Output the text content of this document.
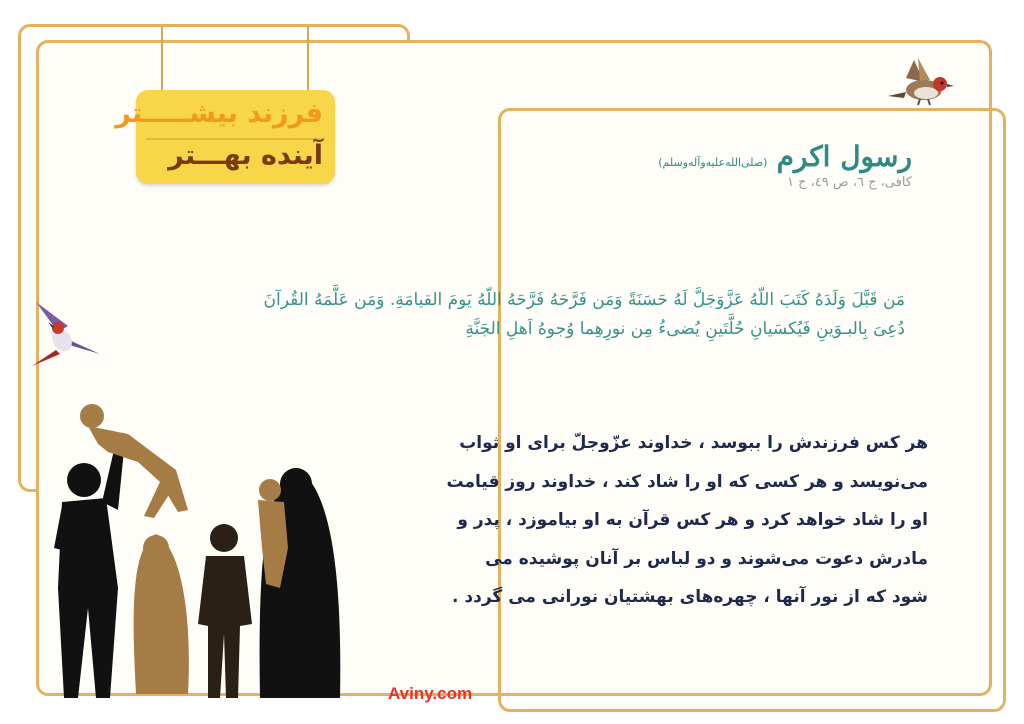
فرزند بیشـــــتر
آینده بهـــتر	رسول اکرم (صلی‌الله‌علیه‌وآله‌وسلم)
کافی، ج ٦، ص ٤٩، ح ١
مَن قَبَّلَ وَلَدَهُ كَتَبَ اللّهُ عَزَّوَجَلَّ لَهُ حَسَنَةً وَمَن فَرَّحَهُ فَرَّحَهُ اللّهُ يَومَ القيامَةِ. وَمَن عَلَّمَهُ القُرآنَ
دُعِیَ بِالبـوَینِ فَیُکسَیانِ حُلَّتَینِ یُضیءُ مِن نورِهِما وُجوهُ اَهلِ الجَنَّةِ
هر کس فرزندش را ببوسد ، خداوند عزّوجلّ برای او ثواب
می‌نویسد و هر کسی که او را شاد کند ، خداوند روز قیامت
او را شاد خواهد کرد و هر کس قرآن به او بیاموزد ، پدر و
مادرش دعوت می‌شوند و دو لباس بر آنان پوشیده می
شود که از نور آنها ، چهره‌های بهشتیان نورانی می گردد .
Aviny.com
